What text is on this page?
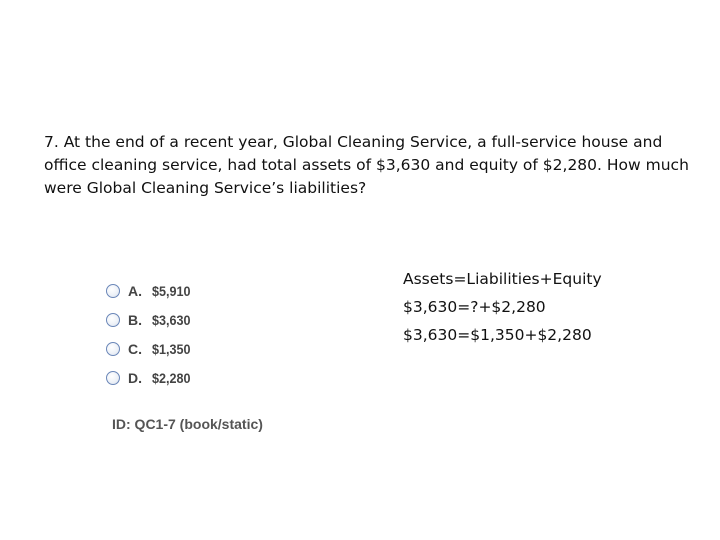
7. At the end of a recent year, Global Cleaning Service, a full-service house and office cleaning service, had total assets of $3,630 and equity of $2,280. How much were Global Cleaning Service’s liabilities?

A. $5,910
B. $3,630
C. $1,350
D. $2,280
ID: QC1-7 (book/static)
Assets=Liabilities+Equity
$3,630=?+$2,280
$3,630=$1,350+$2,280
